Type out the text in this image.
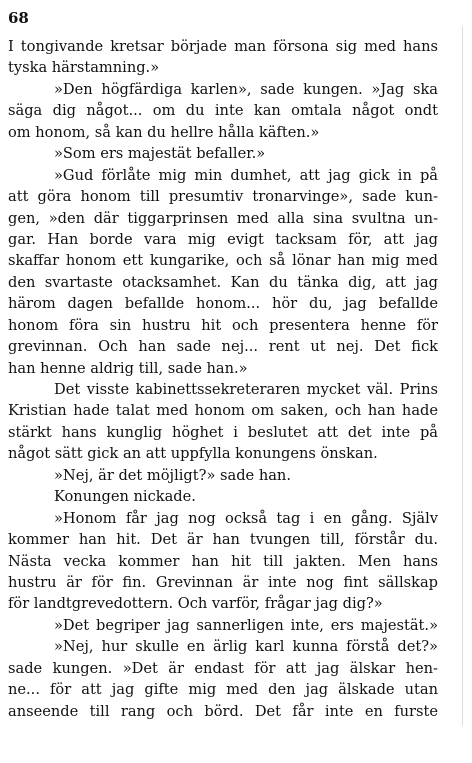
68
I tongivande kretsar började man försona sig med hans
tyska härstamning.»
»Den högfärdiga karlen», sade kungen. »Jag ska
säga dig något... om du inte kan omtala något ondt
om honom, så kan du hellre hålla käften.»
»Som ers majestät befaller.»
»Gud förlåte mig min dumhet, att jag gick in på
att göra honom till presumtiv tronarvinge», sade kun-
gen, »den där tiggarprinsen med alla sina svultna un-
gar. Han borde vara mig evigt tacksam för, att jag
skaffar honom ett kungarike, och så lönar han mig med
den svartaste otacksamhet. Kan du tänka dig, att jag
härom dagen befallde honom... hör du, jag befallde
honom föra sin hustru hit och presentera henne för
grevinnan. Och han sade nej... rent ut nej. Det fick
han henne aldrig till, sade han.»
Det visste kabinettssekreteraren mycket väl. Prins
Kristian hade talat med honom om saken, och han hade
stärkt hans kunglig höghet i beslutet att det inte på
något sätt gick an att uppfylla konungens önskan.
»Nej, är det möjligt?» sade han.
Konungen nickade.
»Honom får jag nog också tag i en gång. Själv
kommer han hit. Det är han tvungen till, förstår du.
Nästa vecka kommer han hit till jakten. Men hans
hustru är för fin. Grevinnan är inte nog fint sällskap
för landtgrevedottern. Och varför, frågar jag dig?»
»Det begriper jag sannerligen inte, ers majestät.»
»Nej, hur skulle en ärlig karl kunna förstå det?»
sade kungen. »Det är endast för att jag älskar hen-
ne... för att jag gifte mig med den jag älskade utan
anseende till rang och börd. Det får inte en furste
